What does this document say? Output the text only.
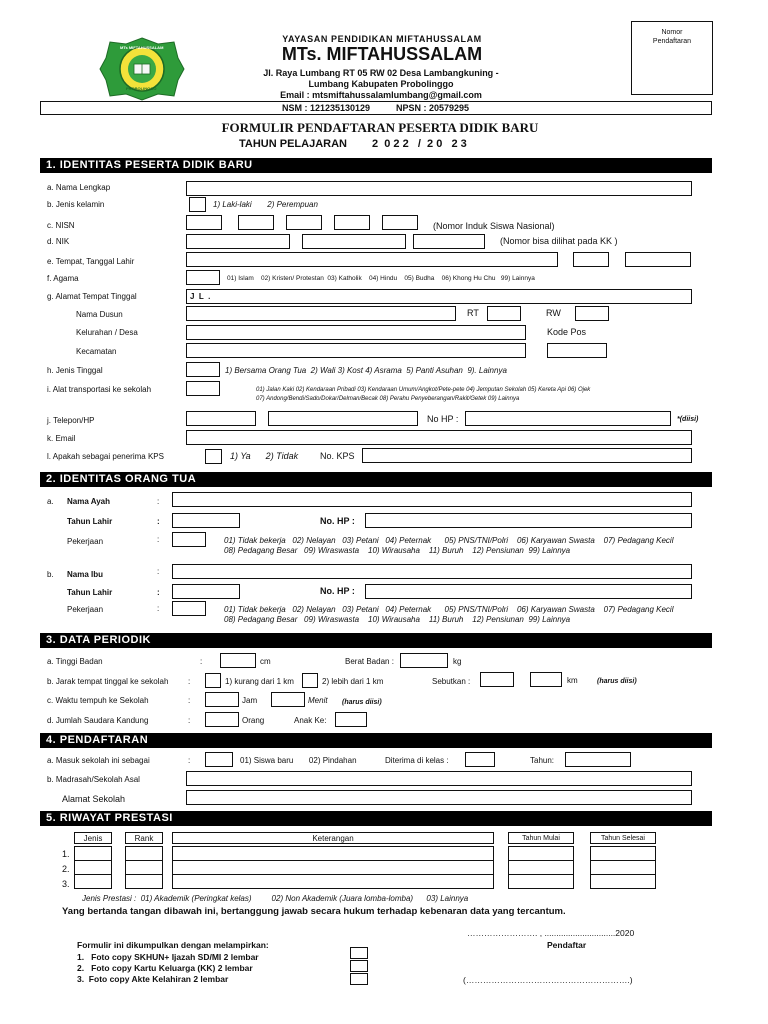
MTs MIFTAHUSSALAM
PROBOLINGGO
YAYASAN PENDIDIKAN MIFTAHUSSALAM
MTs. MIFTAHUSSALAM
Jl. Raya Lumbang RT 05 RW 02 Desa Lambangkuning -
Lumbang Kabupaten Probolinggo
Email : mtsmiftahussalamlumbang@gmail.com
Nomor
Pendaftaran
NSM : 121235130129	NPSN : 20579295
FORMULIR PENDAFTARAN PESERTA DIDIK BARU
TAHUN PELAJARAN 2  0 2 2   /  2 0   2 3
1. IDENTITAS PESERTA DIDIK BARU
a. Nama Lengkap
b. Jenis kelamin	1) Laki-laki       2) Perempuan
c. NISN	(Nomor Induk Siswa Nasional)
d. NIK	(Nomor bisa dilihat pada KK )
e. Tempat, Tanggal Lahir
f. Agama	01) Islam    02) Kristen/ Protestan  03) Katholik    04) Hindu    05) Budha    06) Khong Hu Chu   99) Lainnya
g. Alamat Tempat Tinggal	J  L  .
Nama Dusun	RT	RW
Kelurahan / Desa	Kode Pos
Kecamatan
h. Jenis Tinggal	1) Bersama Orang Tua  2) Wali 3) Kost 4) Asrama  5) Panti Asuhan  9). Lainnya
i. Alat transportasi ke sekolah	01) Jalan Kaki 02) Kendaraan Pribadi 03) Kendaraan Umum/Angkot/Pete-pete 04) Jemputan Sekolah 05) Kereta Api 06) Ojek
07) Andong/Bendi/Sado/Dokar/Delman/Becak 08) Perahu Penyeberangan/Rakit/Getek 09) Lainnya
j. Telepon/HP	No HP :	*(diisi)
k. Email
l. Apakah sebagai penerima KPS	1) Ya      2) Tidak No. KPS
2. IDENTITAS ORANG TUA
a. Nama Ayah	:
Tahun Lahir	:	No. HP :
Pekerjaan	:	01) Tidak bekerja   02) Nelayan   03) Petani   04) Peternak      05) PNS/TNI/Polri    06) Karyawan Swasta    07) Pedagang Kecil
08) Pedagang Besar   09) Wiraswasta    10) Wirausaha    11) Buruh    12) Pensiunan  99) Lainnya
b. Nama Ibu	:
Tahun Lahir	:	No. HP :
Pekerjaan	:	01) Tidak bekerja   02) Nelayan   03) Petani   04) Peternak      05) PNS/TNI/Polri    06) Karyawan Swasta    07) Pedagang Kecil
08) Pedagang Besar   09) Wiraswasta    10) Wirausaha    11) Buruh    12) Pensiunan  99) Lainnya
3. DATA PERIODIK
a. Tinggi Badan	:	cm	Berat Badan :	kg
b. Jarak tempat tinggal ke sekolah :	1) kurang dari 1 km	2) lebih dari 1 km	Sebutkan :	km	(harus diisi)
c. Waktu tempuh ke Sekolah	:	Jam	Menit (harus diisi)
d. Jumlah Saudara Kandung	:	Orang	Anak Ke:
4. PENDAFTARAN
a. Masuk sekolah ini sebagai	:	01) Siswa baru       02) Pindahan	Diterima di kelas :	Tahun:
b. Madrasah/Sekolah Asal
Alamat Sekolah
5. RIWAYAT PRESTASI
Jenis	Rank	Keterangan	Tahun Mulai	Tahun Selesai
1.
2.
3.
Jenis Prestasi :  01) Akademik (Peringkat kelas)         02) Non Akademik (Juara lomba-lomba)      03) Lainnya
Yang bertanda tangan dibawah ini, bertanggung jawab secara hukum terhadap kebenaran data yang tercantum.
……………………. , ..............................2020
Pendaftar
Formulir ini dikumpulkan dengan melampirkan:
1.   Foto copy SKHUN+ Ijazah SD/MI 2 lembar
2.   Foto copy Kartu Keluarga (KK) 2 lembar
3.  Foto copy Akte Kelahiran 2 lembar	(………………………………………………….)
